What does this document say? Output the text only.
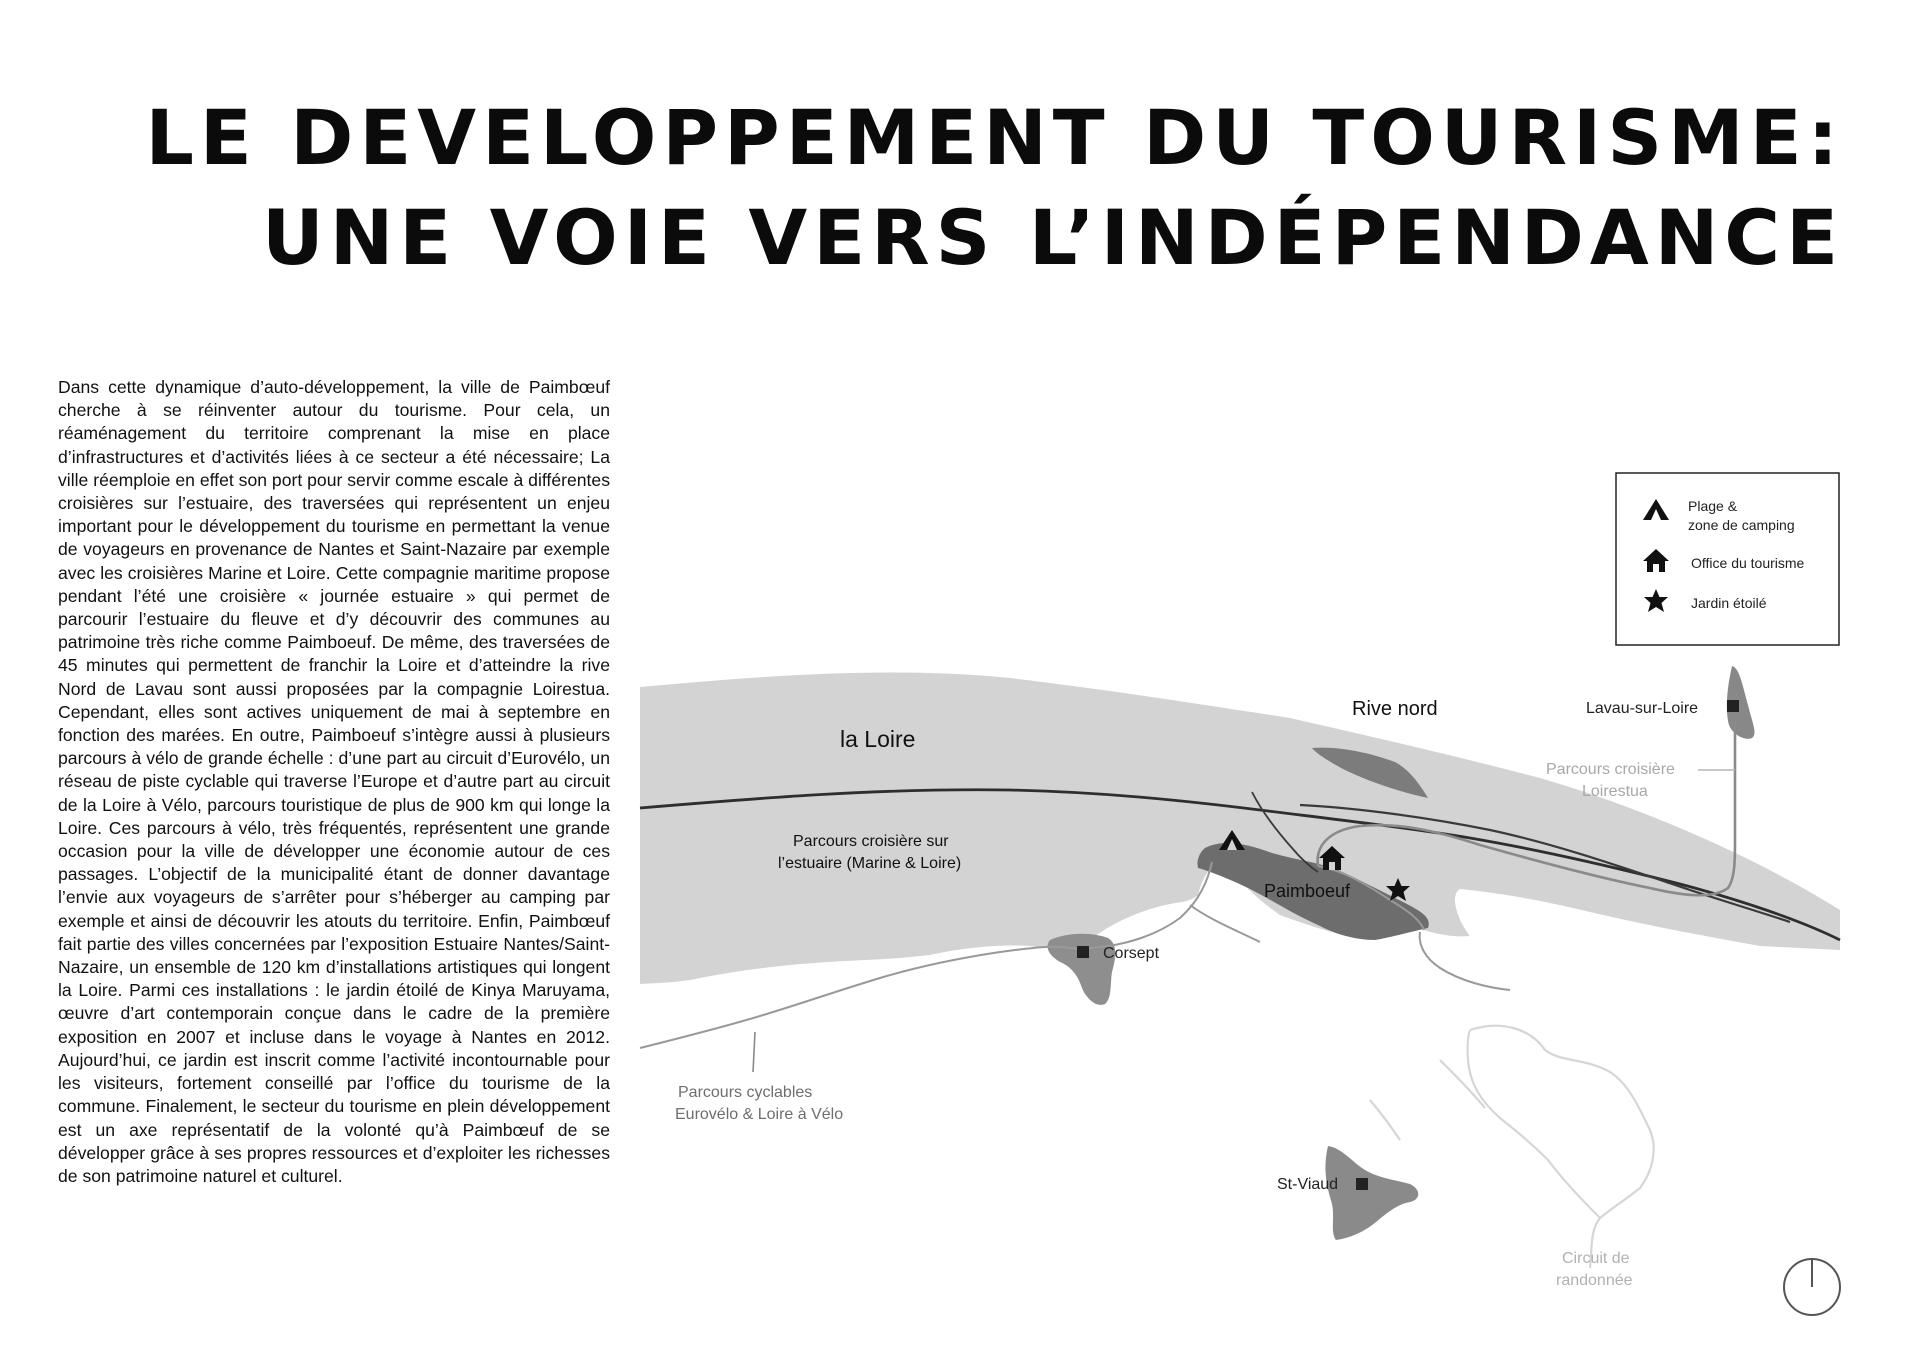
LE DEVELOPPEMENT DU TOURISME:
UNE VOIE VERS L’INDÉPENDANCE

Dans cette dynamique d’auto-développement, la ville de Paimbœuf cherche à se réinventer autour du tourisme. Pour cela, un réaménagement du territoire comprenant la mise en place d’infrastructures et d’activités liées à ce secteur a été nécessaire; La ville réemploie en effet son port pour servir comme escale à différentes croisières sur l’estuaire, des traversées qui représentent un enjeu important pour le développement du tourisme en permettant la venue de voyageurs en provenance de Nantes et Saint-Nazaire par exemple avec les croisières Marine et Loire. Cette compagnie maritime propose pendant l’été une croisière « journée estuaire » qui permet de parcourir l’estuaire du fleuve et d’y découvrir des communes au patrimoine très riche comme Paimboeuf. De même, des traversées de 45 minutes qui permettent de franchir la Loire et d’atteindre la rive Nord de Lavau sont aussi proposées par la compagnie Loirestua. Cependant, elles sont actives uniquement de mai à septembre en fonction des marées. En outre, Paimboeuf s’intègre aussi à plusieurs parcours à vélo de grande échelle : d’une part au circuit d’Eurovélo, un réseau de piste cyclable qui traverse l’Europe et d’autre part au circuit de la Loire à Vélo, parcours touristique de plus de 900 km qui longe la Loire. Ces parcours à vélo, très fréquentés, représentent une grande occasion pour la ville de développer une économie autour de ces passages. L’objectif de la municipalité étant de donner davantage l’envie aux voyageurs de s’arrêter pour s’héberger au camping par exemple et ainsi de découvrir les atouts du territoire. Enfin, Paimbœuf fait partie des villes concernées par l’exposition Estuaire Nantes/Saint-Nazaire, un ensemble de 120 km d’installations artistiques qui longent la Loire. Parmi ces installations : le jardin étoilé de Kinya Maruyama, œuvre d’art contemporain conçue dans le cadre de la première exposition en 2007 et incluse dans le voyage à Nantes en 2012. Aujourd’hui, ce jardin est inscrit comme l’activité incontournable pour les visiteurs, fortement conseillé par l’office du tourisme de la commune. Finalement, le secteur du tourisme en plein développement est un axe représentatif de la volonté qu’à Paimbœuf de se développer grâce à ses propres ressources et d’exploiter les richesses de son patrimoine naturel et culturel.

la Loire
Rive nord	Lavau-sur-Loire
Parcours croisière
Loirestua
Parcours croisière sur
l’estuaire (Marine & Loire)
Paimboeuf
Corsept
Parcours cyclables
Eurovélo & Loire à Vélo
St-Viaud
Circuit de
randonnée
Plage &
zone de camping
Office du tourisme
Jardin étoilé
